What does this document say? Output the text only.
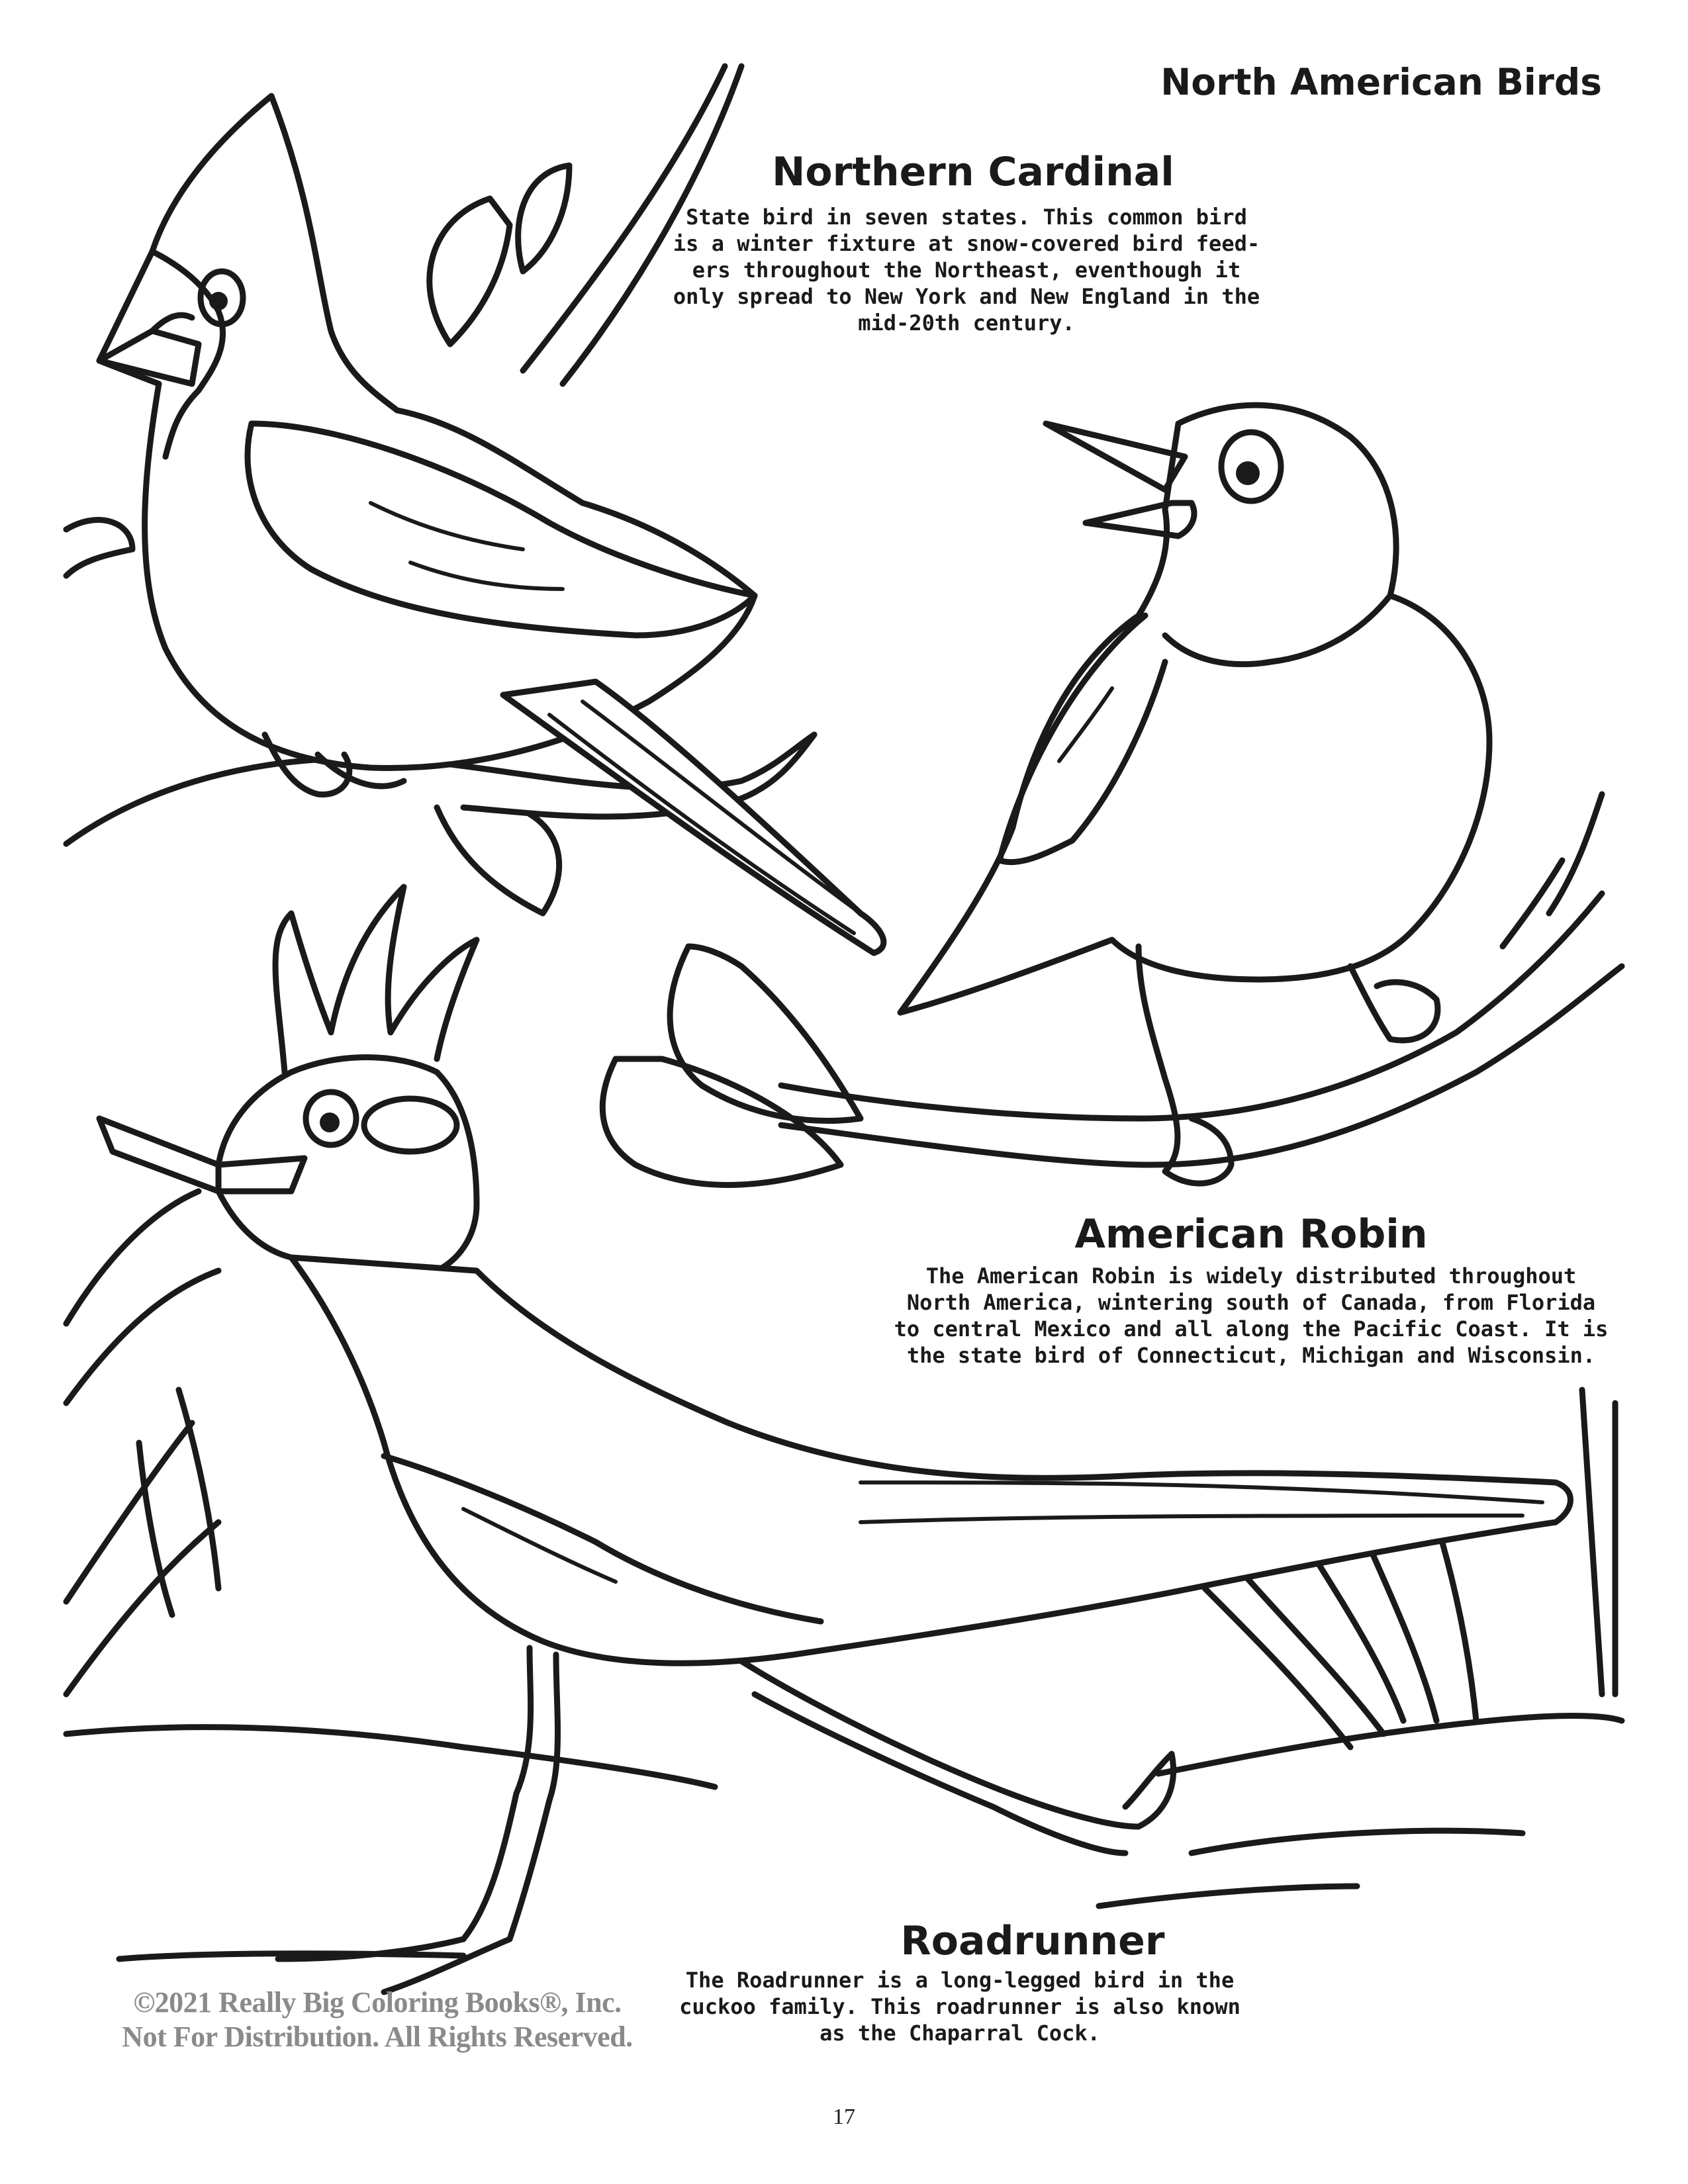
North American Birds
Northern Cardinal
State bird in seven states. This common bird
is a winter fixture at snow-covered bird feed-
ers throughout the Northeast, eventhough it
only spread to New York and New England in the
mid-20th century.
American Robin
The American Robin is widely distributed throughout
North America, wintering south of Canada, from Florida
to central Mexico and all along the Pacific Coast. It is
the state bird of Connecticut, Michigan and Wisconsin.
Roadrunner
The Roadrunner is a long-legged bird in the
cuckoo family. This roadrunner is also known
as the Chaparral Cock.
©2021 Really Big Coloring Books®, Inc.
Not For Distribution. All Rights Reserved.
17
